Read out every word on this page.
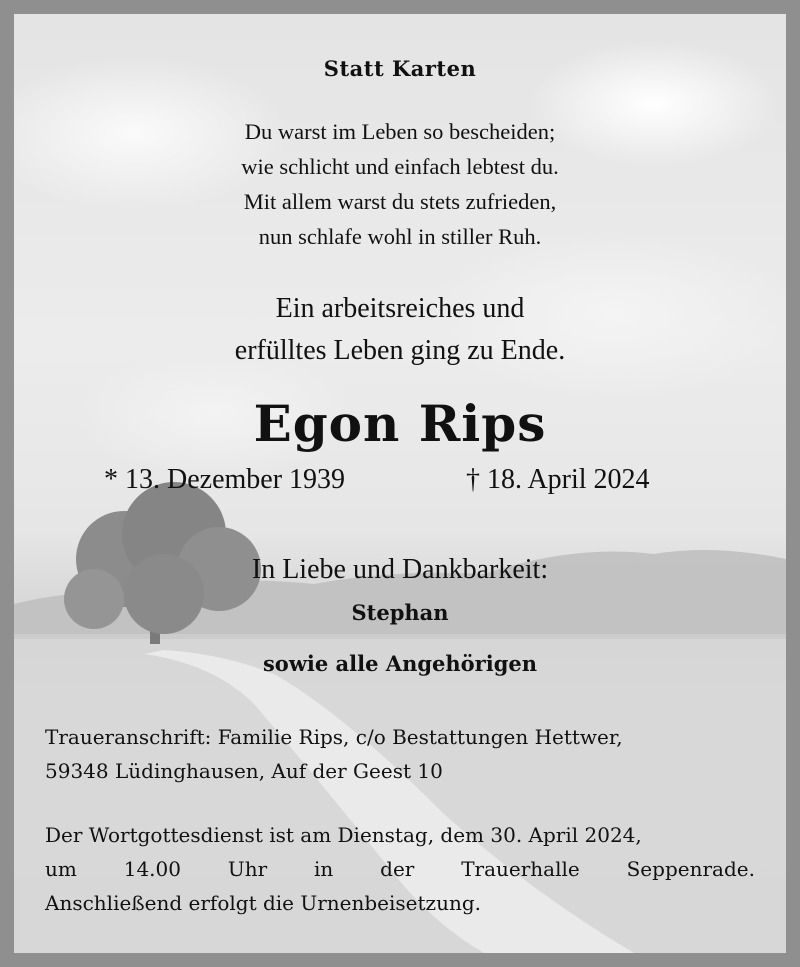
Statt Karten
Du warst im Leben so bescheiden;
wie schlicht und einfach lebtest du.
Mit allem warst du stets zufrieden,
nun schlafe wohl in stiller Ruh.
Ein arbeitsreiches und
erfülltes Leben ging zu Ende.
Egon Rips
* 13. Dezember 1939	† 18. April 2024
In Liebe und Dankbarkeit:
Stephan
sowie alle Angehörigen
Traueranschrift: Familie Rips, c/o Bestattungen Hettwer,
59348 Lüdinghausen, Auf der Geest 10
Der Wortgottesdienst ist am Dienstag, dem 30. April 2024,
um 14.00 Uhr in der Trauerhalle Seppenrade.
Anschließend erfolgt die Urnenbeisetzung.
